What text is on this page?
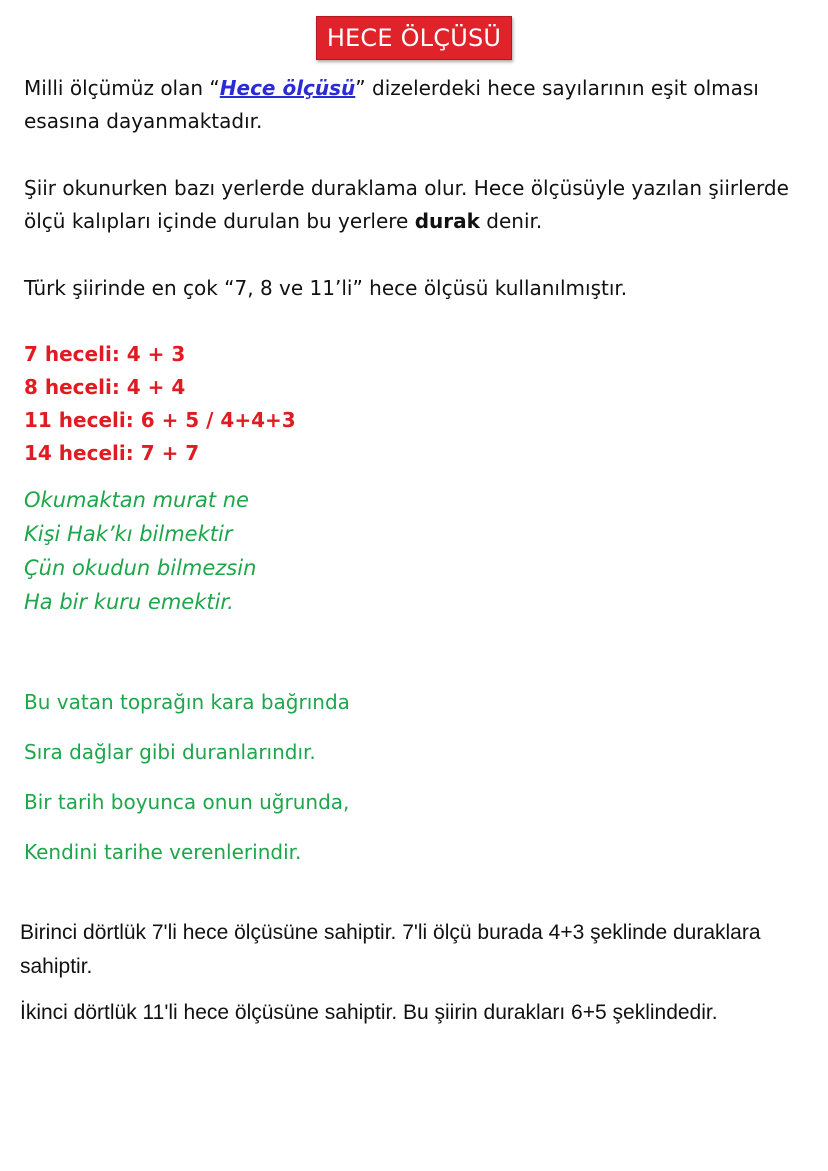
HECE ÖLÇÜSÜ
Milli ölçümüz olan “Hece ölçüsü” dizelerdeki hece sayılarının eşit olması esasına dayanmaktadır.
Şiir okunurken bazı yerlerde duraklama olur. Hece ölçüsüyle yazılan şiirlerde ölçü kalıpları içinde durulan bu yerlere durak denir.
Türk şiirinde en çok “7, 8 ve 11’li” hece ölçüsü kullanılmıştır.
7 heceli: 4 + 3
8 heceli: 4 + 4
11 heceli: 6 + 5 / 4+4+3
14 heceli: 7 + 7
Okumaktan murat ne
Kişi Hak’kı bilmektir
Çün okudun bilmezsin
Ha bir kuru emektir.
Bu vatan toprağın kara bağrında
Sıra dağlar gibi duranlarındır.
Bir tarih boyunca onun uğrunda,
Kendini tarihe verenlerindir.
Birinci dörtlük 7'li hece ölçüsüne sahiptir. 7'li ölçü burada 4+3 şeklinde duraklara sahiptir.
İkinci dörtlük 11'li hece ölçüsüne sahiptir. Bu şiirin durakları 6+5 şeklindedir.
